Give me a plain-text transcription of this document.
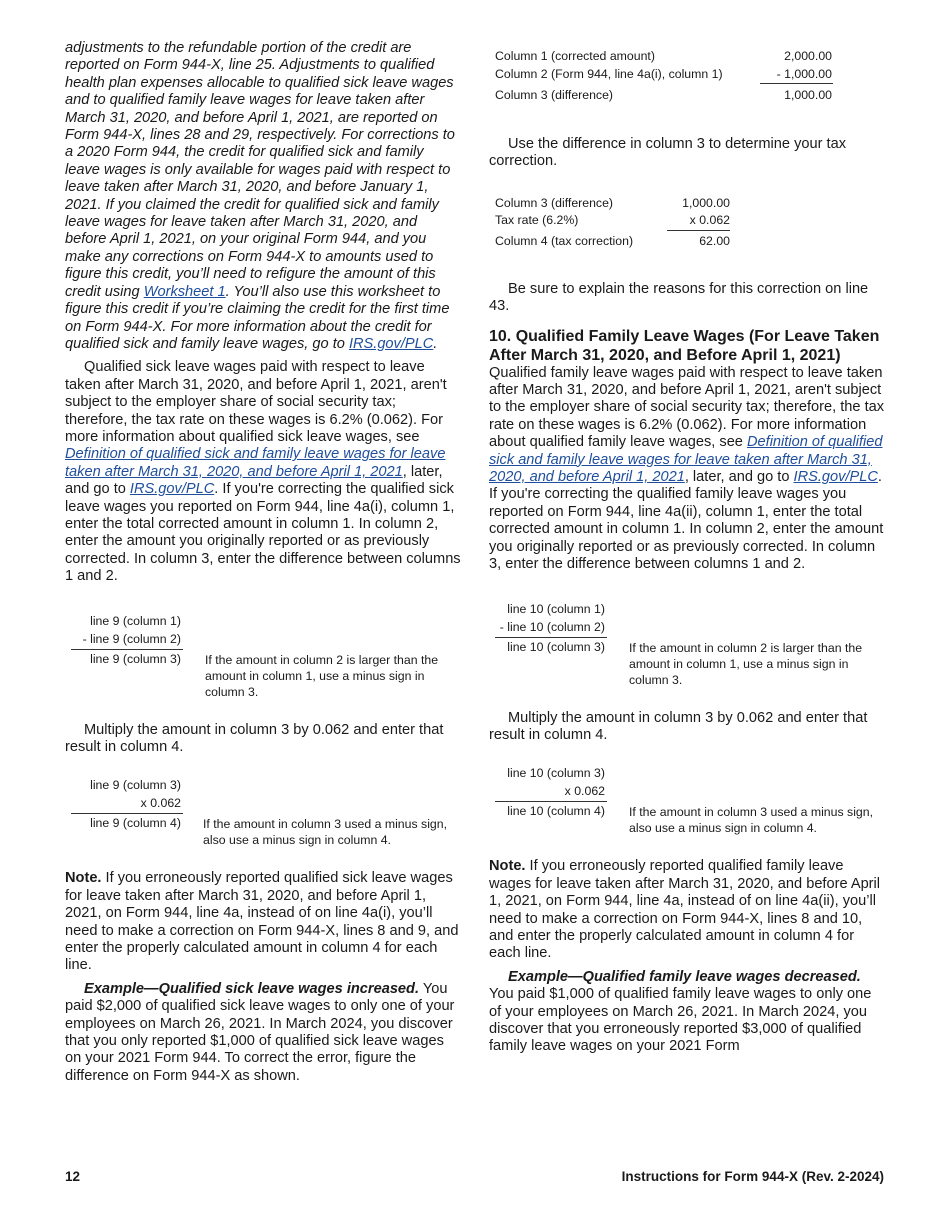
adjustments to the refundable portion of the credit are reported on Form 944-X, line 25. Adjustments to qualified health plan expenses allocable to qualified sick leave wages and to qualified family leave wages for leave taken after March 31, 2020, and before April 1, 2021, are reported on Form 944-X, lines 28 and 29, respectively. For corrections to a 2020 Form 944, the credit for qualified sick and family leave wages is only available for wages paid with respect to leave taken after March 31, 2020, and before January 1, 2021. If you claimed the credit for qualified sick and family leave wages for leave taken after March 31, 2020, and before April 1, 2021, on your original Form 944, and you make any corrections on Form 944-X to amounts used to figure this credit, you’ll need to refigure the amount of this credit using Worksheet 1. You’ll also use this worksheet to figure this credit if you’re claiming the credit for the first time on Form 944-X. For more information about the credit for qualified sick and family leave wages, go to IRS.gov/PLC.

Qualified sick leave wages paid with respect to leave taken after March 31, 2020, and before April 1, 2021, aren't subject to the employer share of social security tax; therefore, the tax rate on these wages is 6.2% (0.062). For more information about qualified sick leave wages, see Definition of qualified sick and family leave wages for leave taken after March 31, 2020, and before April 1, 2021, later, and go to IRS.gov/PLC. If you're correcting the qualified sick leave wages you reported on Form 944, line 4a(i), column 1, enter the total corrected amount in column 1. In column 2, enter the amount you originally reported or as previously corrected. In column 3, enter the difference between columns 1 and 2.

line 9 (column 1)
- line 9 (column 2)
line 9 (column 3) If the amount in column 2 is larger than the amount in column 1, use a minus sign in column 3.

Multiply the amount in column 3 by 0.062 and enter that result in column 4.

line 9 (column 3)
x 0.062
line 9 (column 4) If the amount in column 3 used a minus sign, also use a minus sign in column 4.

Note. If you erroneously reported qualified sick leave wages for leave taken after March 31, 2020, and before April 1, 2021, on Form 944, line 4a, instead of on line 4a(i), you’ll need to make a correction on Form 944-X, lines 8 and 9, and enter the properly calculated amount in column 4 for each line.

Example—Qualified sick leave wages increased. You paid $2,000 of qualified sick leave wages to only one of your employees on March 26, 2021. In March 2024, you discover that you only reported $1,000 of qualified sick leave wages on your 2021 Form 944. To correct the error, figure the difference on Form 944-X as shown.

Column 1 (corrected amount)	2,000.00
Column 2 (Form 944, line 4a(i), column 1)	- 1,000.00
Column 3 (difference)	1,000.00

Use the difference in column 3 to determine your tax correction.

Column 3 (difference)	1,000.00
Tax rate (6.2%)	x 0.062
Column 4 (tax correction)	62.00

Be sure to explain the reasons for this correction on line 43.

10. Qualified Family Leave Wages (For Leave Taken After March 31, 2020, and Before April 1, 2021)

Qualified family leave wages paid with respect to leave taken after March 31, 2020, and before April 1, 2021, aren't subject to the employer share of social security tax; therefore, the tax rate on these wages is 6.2% (0.062). For more information about qualified family leave wages, see Definition of qualified sick and family leave wages for leave taken after March 31, 2020, and before April 1, 2021, later, and go to IRS.gov/PLC. If you're correcting the qualified family leave wages you reported on Form 944, line 4a(ii), column 1, enter the total corrected amount in column 1. In column 2, enter the amount you originally reported or as previously corrected. In column 3, enter the difference between columns 1 and 2.

line 10 (column 1)
- line 10 (column 2)
line 10 (column 3) If the amount in column 2 is larger than the amount in column 1, use a minus sign in column 3.

Multiply the amount in column 3 by 0.062 and enter that result in column 4.

line 10 (column 3)
x 0.062
line 10 (column 4) If the amount in column 3 used a minus sign, also use a minus sign in column 4.

Note. If you erroneously reported qualified family leave wages for leave taken after March 31, 2020, and before April 1, 2021, on Form 944, line 4a, instead of on line 4a(ii), you’ll need to make a correction on Form 944-X, lines 8 and 10, and enter the properly calculated amount in column 4 for each line.

Example—Qualified family leave wages decreased. You paid $1,000 of qualified family leave wages to only one of your employees on March 26, 2021. In March 2024, you discover that you erroneously reported $3,000 of qualified family leave wages on your 2021 Form

12	Instructions for Form 944-X (Rev. 2-2024)
